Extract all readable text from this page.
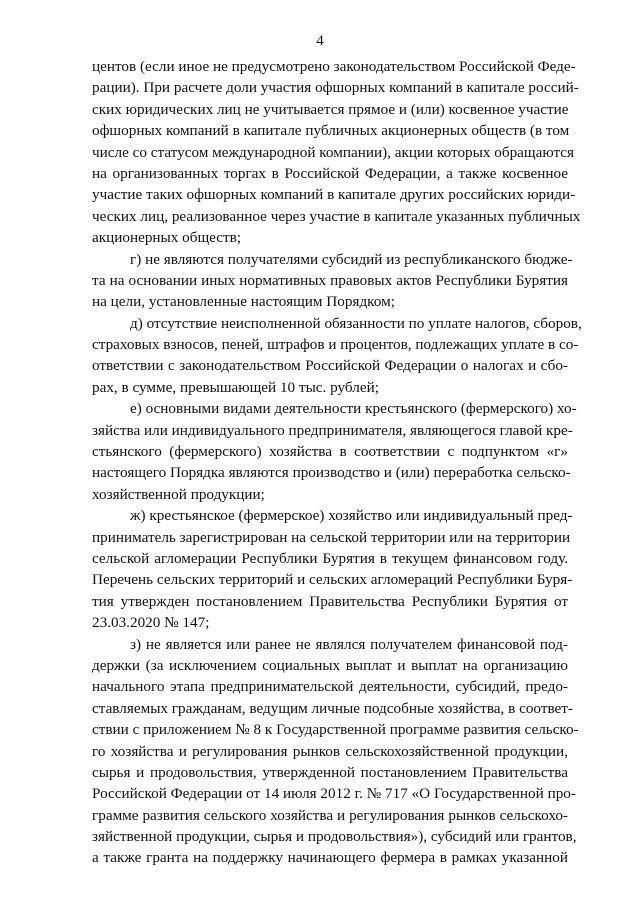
4
центов (если иное не предусмотрено законодательством Российской Феде-
рации). При расчете доли участия офшорных компаний в капитале россий-
ских юридических лиц не учитывается прямое и (или) косвенное участие
офшорных компаний в капитале публичных акционерных обществ (в том
числе со статусом международной компании), акции которых обращаются
на организованных торгах в Российской Федерации, а также косвенное
участие таких офшорных компаний в капитале других российских юриди-
ческих лиц, реализованное через участие в капитале указанных публичных
акционерных обществ;
г) не являются получателями субсидий из республиканского бюдже-
та на основании иных нормативных правовых актов Республики Бурятия
на цели, установленные настоящим Порядком;
д) отсутствие неисполненной обязанности по уплате налогов, сборов,
страховых взносов, пеней, штрафов и процентов, подлежащих уплате в со-
ответствии с законодательством Российской Федерации о налогах и сбо-
рах, в сумме, превышающей 10 тыс. рублей;
е) основными видами деятельности крестьянского (фермерского) хо-
зяйства или индивидуального предпринимателя, являющегося главой кре-
стьянского (фермерского) хозяйства в соответствии с подпунктом «г»
настоящего Порядка являются производство и (или) переработка сельско-
хозяйственной продукции;
ж) крестьянское (фермерское) хозяйство или индивидуальный пред-
приниматель зарегистрирован на сельской территории или на территории
сельской агломерации Республики Бурятия в текущем финансовом году.
Перечень сельских территорий и сельских агломераций Республики Буря-
тия утвержден постановлением Правительства Республики Бурятия от
23.03.2020 № 147;
з) не является или ранее не являлся получателем финансовой под-
держки (за исключением социальных выплат и выплат на организацию
начального этапа предпринимательской деятельности, субсидий, предо-
ставляемых гражданам, ведущим личные подсобные хозяйства, в соответ-
ствии с приложением № 8 к Государственной программе развития сельско-
го хозяйства и регулирования рынков сельскохозяйственной продукции,
сырья и продовольствия, утвержденной постановлением Правительства
Российской Федерации от 14 июля 2012 г. № 717 «О Государственной про-
грамме развития сельского хозяйства и регулирования рынков сельскохо-
зяйственной продукции, сырья и продовольствия»), субсидий или грантов,
а также гранта на поддержку начинающего фермера в рамках указанной
